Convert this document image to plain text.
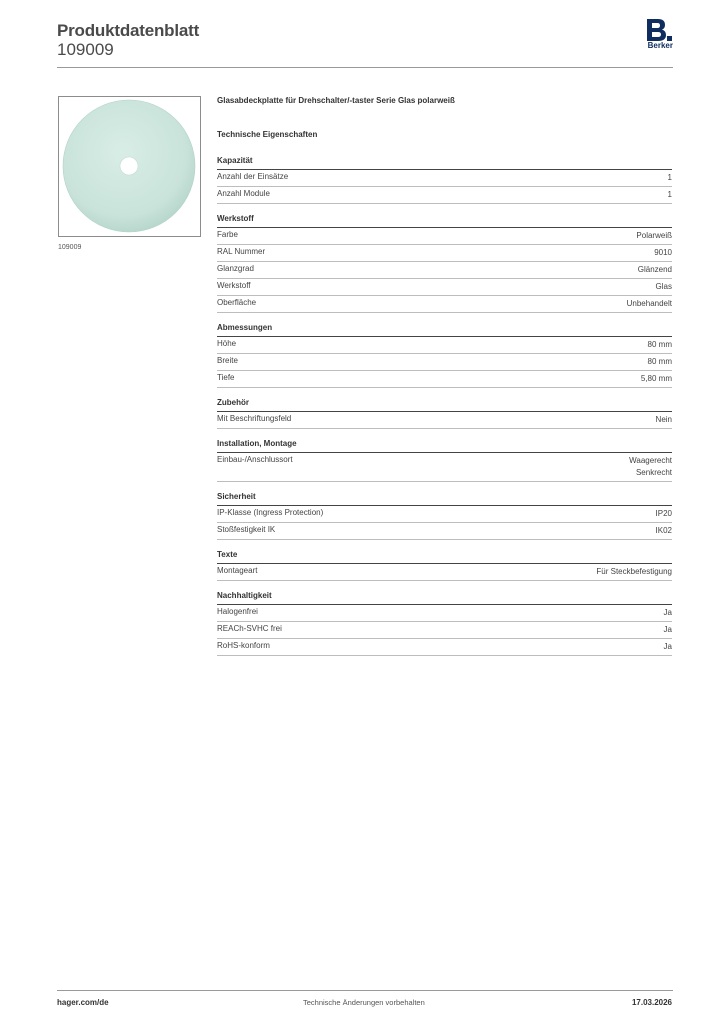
Produktdatenblatt
109009	Berker
109009
Glasabdeckplatte für Drehschalter/-taster Serie Glas polarweiß
Technische Eigenschaften
Kapazität
Anzahl der Einsätze	1
Anzahl Module	1
Werkstoff
Farbe	Polarweiß
RAL Nummer	9010
Glanzgrad	Glänzend
Werkstoff	Glas
Oberfläche	Unbehandelt
Abmessungen
Höhe	80 mm
Breite	80 mm
Tiefe	5,80 mm
Zubehör
Mit Beschriftungsfeld	Nein
Installation, Montage
Einbau-/Anschlussort	Waagerecht
Senkrecht
Sicherheit
IP-Klasse (Ingress Protection)	IP20
Stoßfestigkeit IK	IK02
Texte
Montageart	Für Steckbefestigung
Nachhaltigkeit
Halogenfrei	Ja
REACh-SVHC frei	Ja
RoHS-konform	Ja
hager.com/de	Technische Änderungen vorbehalten	17.03.2026
